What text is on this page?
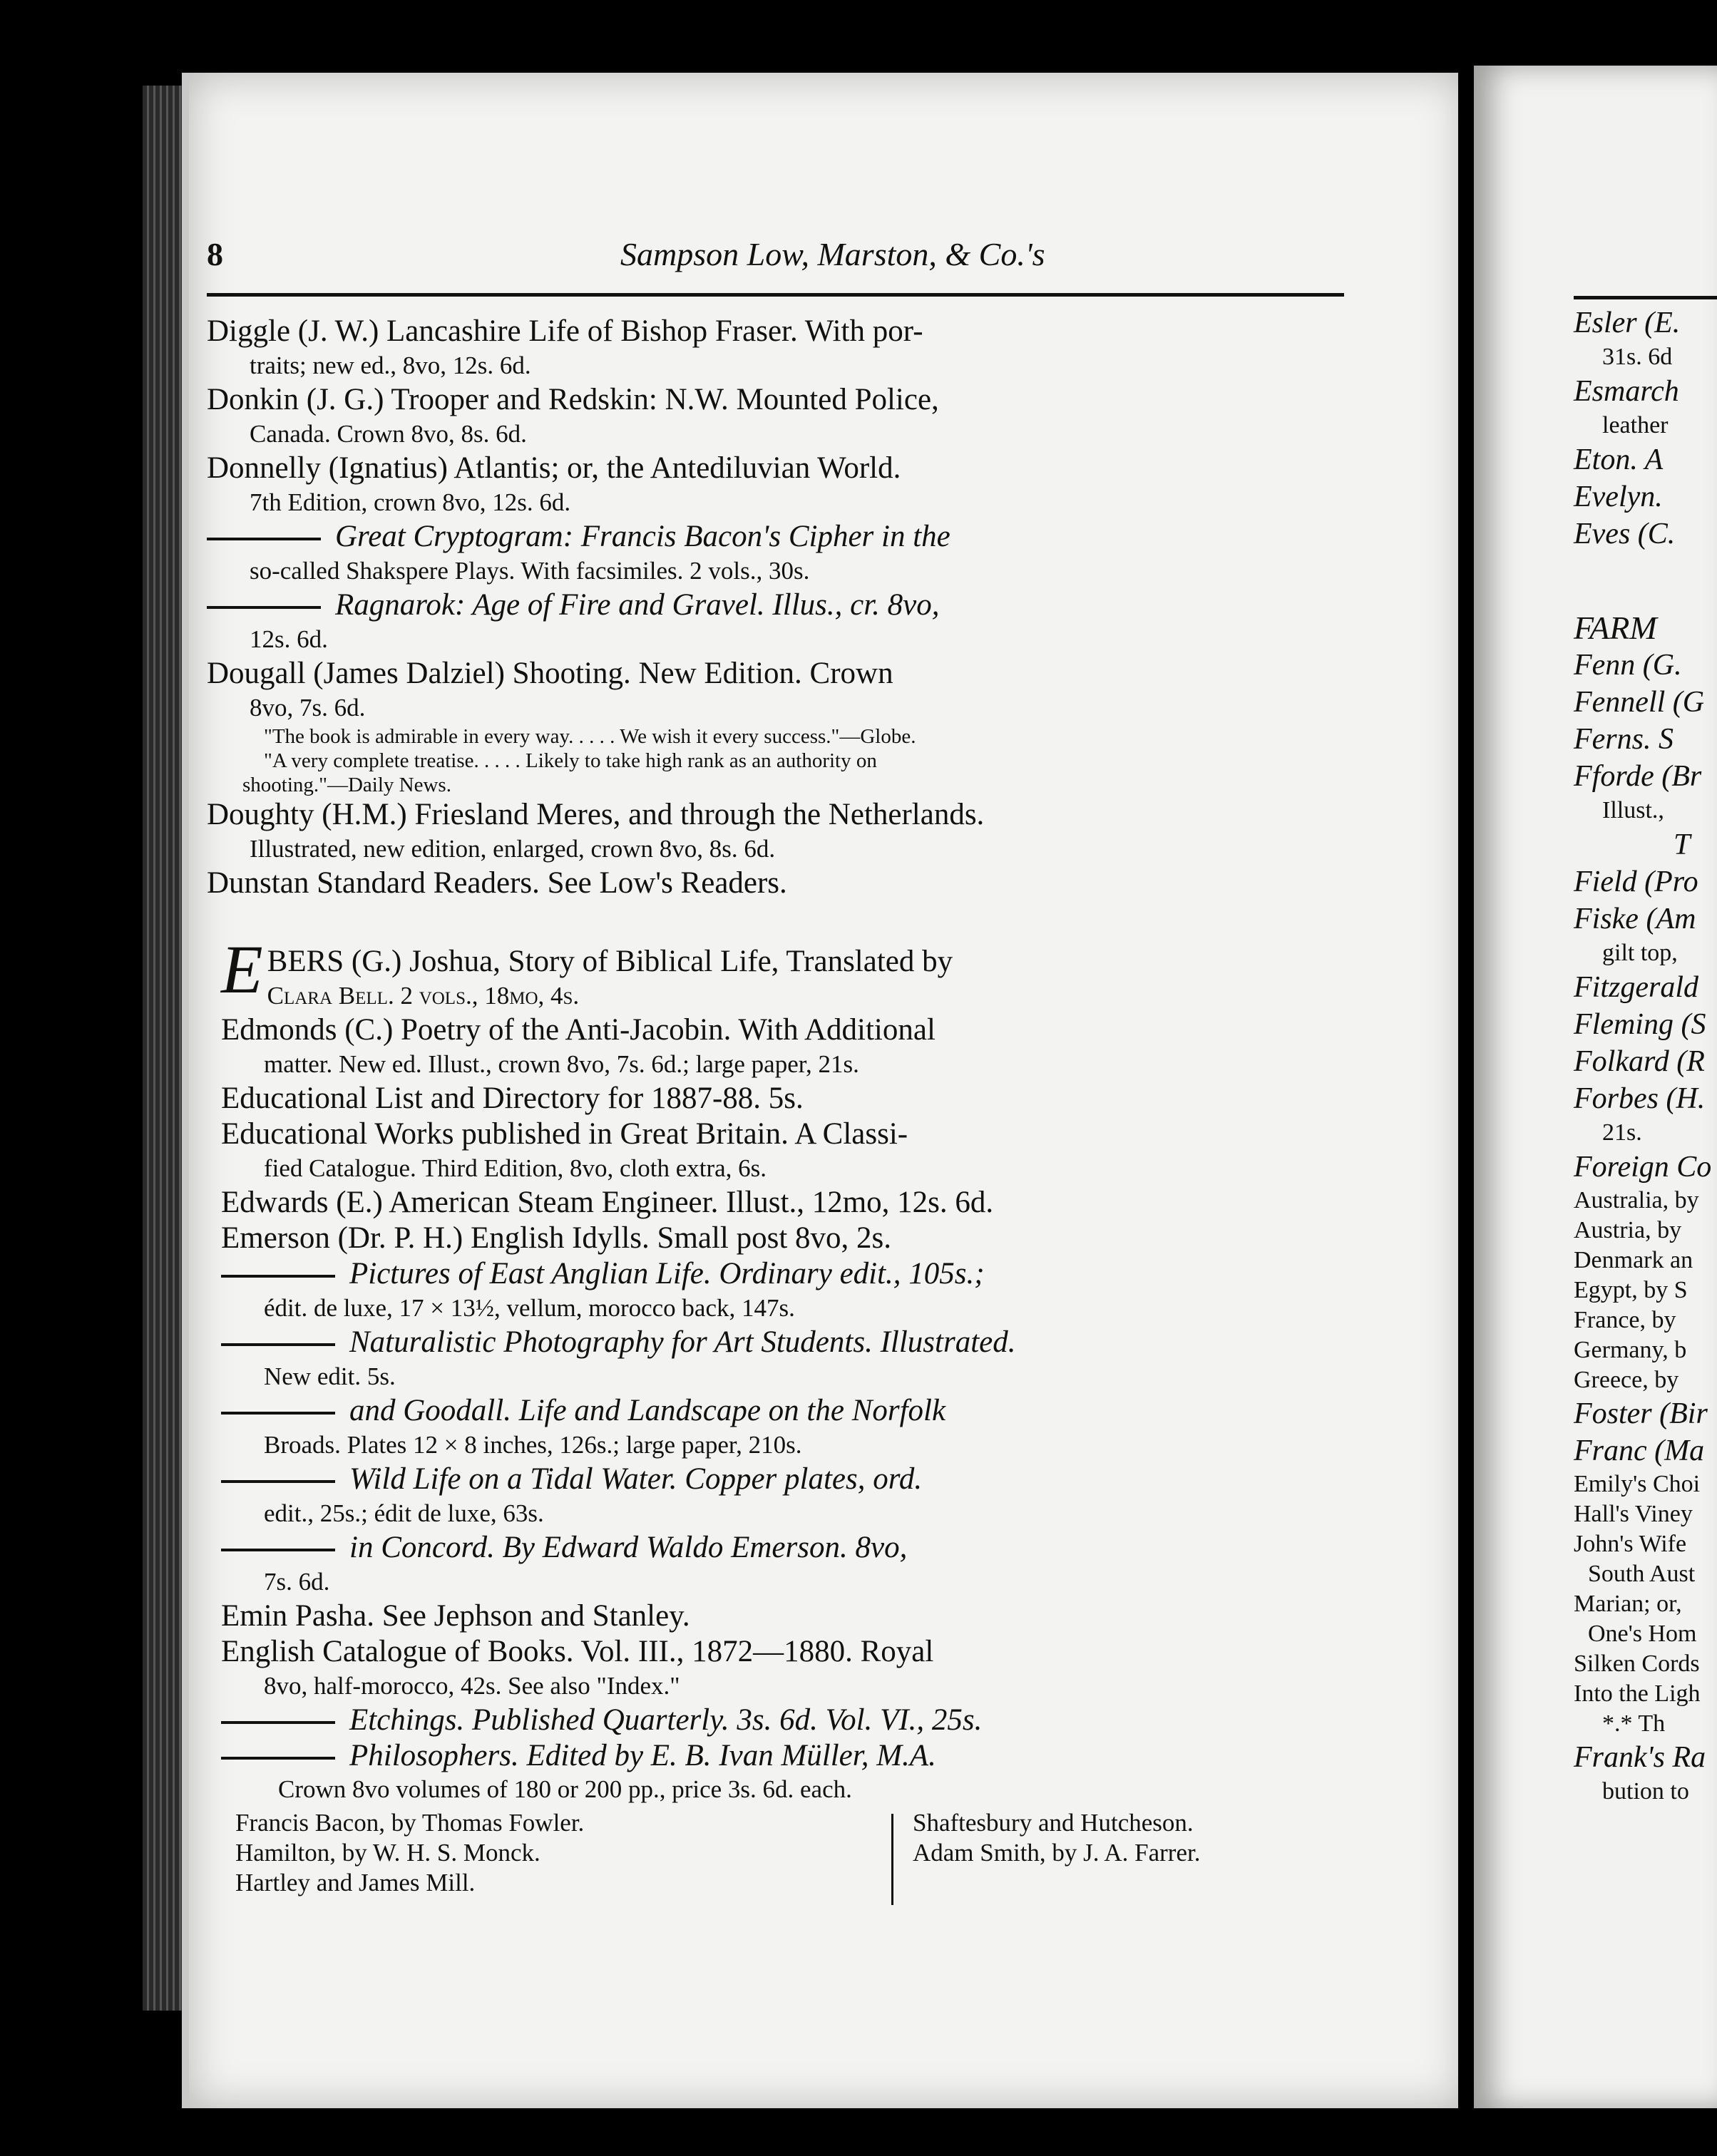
Esler (E.
31s. 6d
Esmarch
leather
Eton. A
Evelyn.
Eves (C.
FARM
Fenn (G.
Fennell (G
Ferns. S
Fforde (Br
Illust.,
T
Field (Pro
Fiske (Am
gilt top,
Fitzgerald
Fleming (S
Folkard (R
Forbes (H.
21s.
Foreign Co
Australia, by
Austria, by
Denmark an
Egypt, by S
France, by
Germany, b
Greece, by
Foster (Bir
Franc (Ma
Emily's Choi
Hall's Viney
John's Wife
South Aust
Marian; or,
One's Hom
Silken Cords
Into the Ligh
*.* Th
Frank's Ra
bution to
8	Sampson Low, Marston, & Co.'s
Diggle (J. W.) Lancashire Life of Bishop Fraser. With por-
traits; new ed., 8vo, 12s. 6d.
Donkin (J. G.) Trooper and Redskin: N.W. Mounted Police,
Canada. Crown 8vo, 8s. 6d.
Donnelly (Ignatius) Atlantis; or, the Antediluvian World.
7th Edition, crown 8vo, 12s. 6d.
Great Cryptogram: Francis Bacon's Cipher in the
so-called Shakspere Plays. With facsimiles. 2 vols., 30s.
Ragnarok: Age of Fire and Gravel. Illus., cr. 8vo,
12s. 6d.
Dougall (James Dalziel) Shooting. New Edition. Crown
8vo, 7s. 6d.
"The book is admirable in every way. . . . . We wish it every success."—Globe.
"A very complete treatise. . . . . Likely to take high rank as an authority on
shooting."—Daily News.
Doughty (H.M.) Friesland Meres, and through the Netherlands.
Illustrated, new edition, enlarged, crown 8vo, 8s. 6d.
Dunstan Standard Readers. See Low's Readers.
E BERS (G.) Joshua, Story of Biblical Life, Translated by
Clara Bell. 2 vols., 18mo, 4s.
Edmonds (C.) Poetry of the Anti-Jacobin. With Additional
matter. New ed. Illust., crown 8vo, 7s. 6d.; large paper, 21s.
Educational List and Directory for 1887-88. 5s.
Educational Works published in Great Britain. A Classi-
fied Catalogue. Third Edition, 8vo, cloth extra, 6s.
Edwards (E.) American Steam Engineer. Illust., 12mo, 12s. 6d.
Emerson (Dr. P. H.) English Idylls. Small post 8vo, 2s.
Pictures of East Anglian Life. Ordinary edit., 105s.;
édit. de luxe, 17 × 13½, vellum, morocco back, 147s.
Naturalistic Photography for Art Students. Illustrated.
New edit. 5s.
and Goodall. Life and Landscape on the Norfolk
Broads. Plates 12 × 8 inches, 126s.; large paper, 210s.
Wild Life on a Tidal Water. Copper plates, ord.
edit., 25s.; édit de luxe, 63s.
in Concord. By Edward Waldo Emerson. 8vo,
7s. 6d.
Emin Pasha. See Jephson and Stanley.
English Catalogue of Books. Vol. III., 1872—1880. Royal
8vo, half-morocco, 42s. See also "Index."
Etchings. Published Quarterly. 3s. 6d. Vol. VI., 25s.
Philosophers. Edited by E. B. Ivan Müller, M.A.
Crown 8vo volumes of 180 or 200 pp., price 3s. 6d. each.
Francis Bacon, by Thomas Fowler.
Hamilton, by W. H. S. Monck.
Hartley and James Mill.
Shaftesbury and Hutcheson.
Adam Smith, by J. A. Farrer.
